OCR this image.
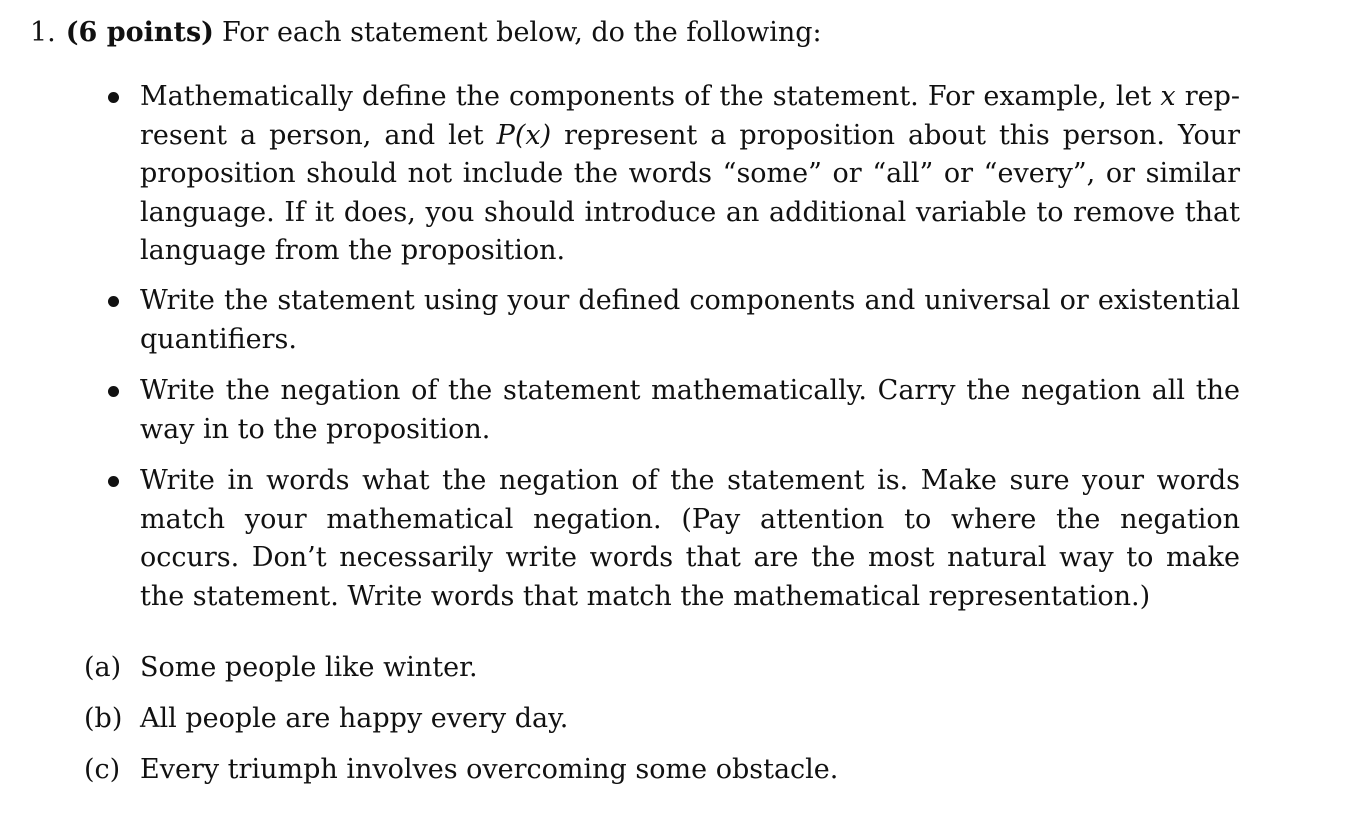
1. (6 points) For each statement below, do the following:
Mathematically define the components of the statement. For example, let x rep-resent a person, and let P(x) represent a proposition about this person. Your proposition should not include the words “some” or “all” or “every”, or similar language. If it does, you should introduce an additional variable to remove that language from the proposition.
Write the statement using your defined components and universal or existential quantifiers.
Write the negation of the statement mathematically. Carry the negation all the way in to the proposition.
Write in words what the negation of the statement is. Make sure your words match your mathematical negation. (Pay attention to where the negation occurs. Don’t necessarily write words that are the most natural way to make the statement. Write words that match the mathematical representation.)
(a) Some people like winter.
(b) All people are happy every day.
(c) Every triumph involves overcoming some obstacle.
